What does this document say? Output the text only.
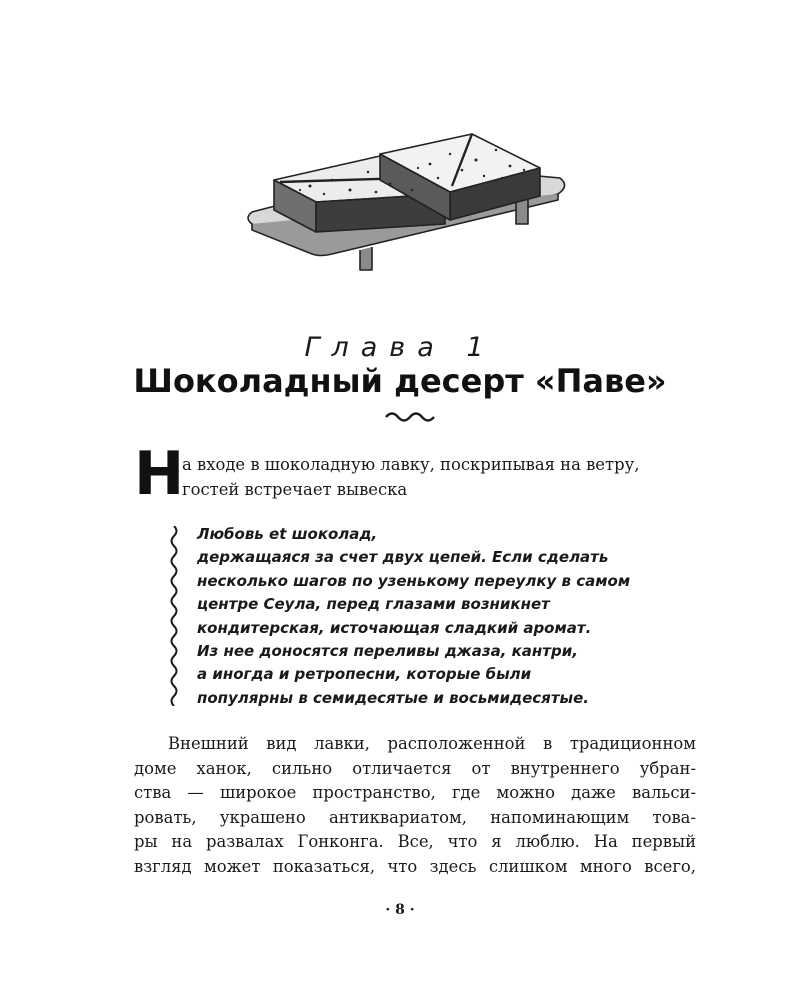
Глава 1
Шоколадный десерт «Паве»
Н
а входе в шоколадную лавку, поскрипывая на ветру,
гостей встречает вывеска
Любовь et шоколад,
держащаяся за счет двух цепей. Если сделать
несколько шагов по узенькому переулку в самом
центре Сеула, перед глазами возникнет
кондитерская, источающая сладкий аромат.
Из нее доносятся переливы джаза, кантри,
а иногда и ретропесни, которые были
популярны в семидесятые и восьмидесятые.
Внешний вид лавки, расположенной в традиционном
доме ханок, сильно отличается от внутреннего убран-
ства — широкое пространство, где можно даже вальси-
ровать, украшено антиквариатом, напоминающим това-
ры на развалах Гонконга. Все, что я люблю. На первый
взгляд может показаться, что здесь слишком много всего,
· 8 ·
